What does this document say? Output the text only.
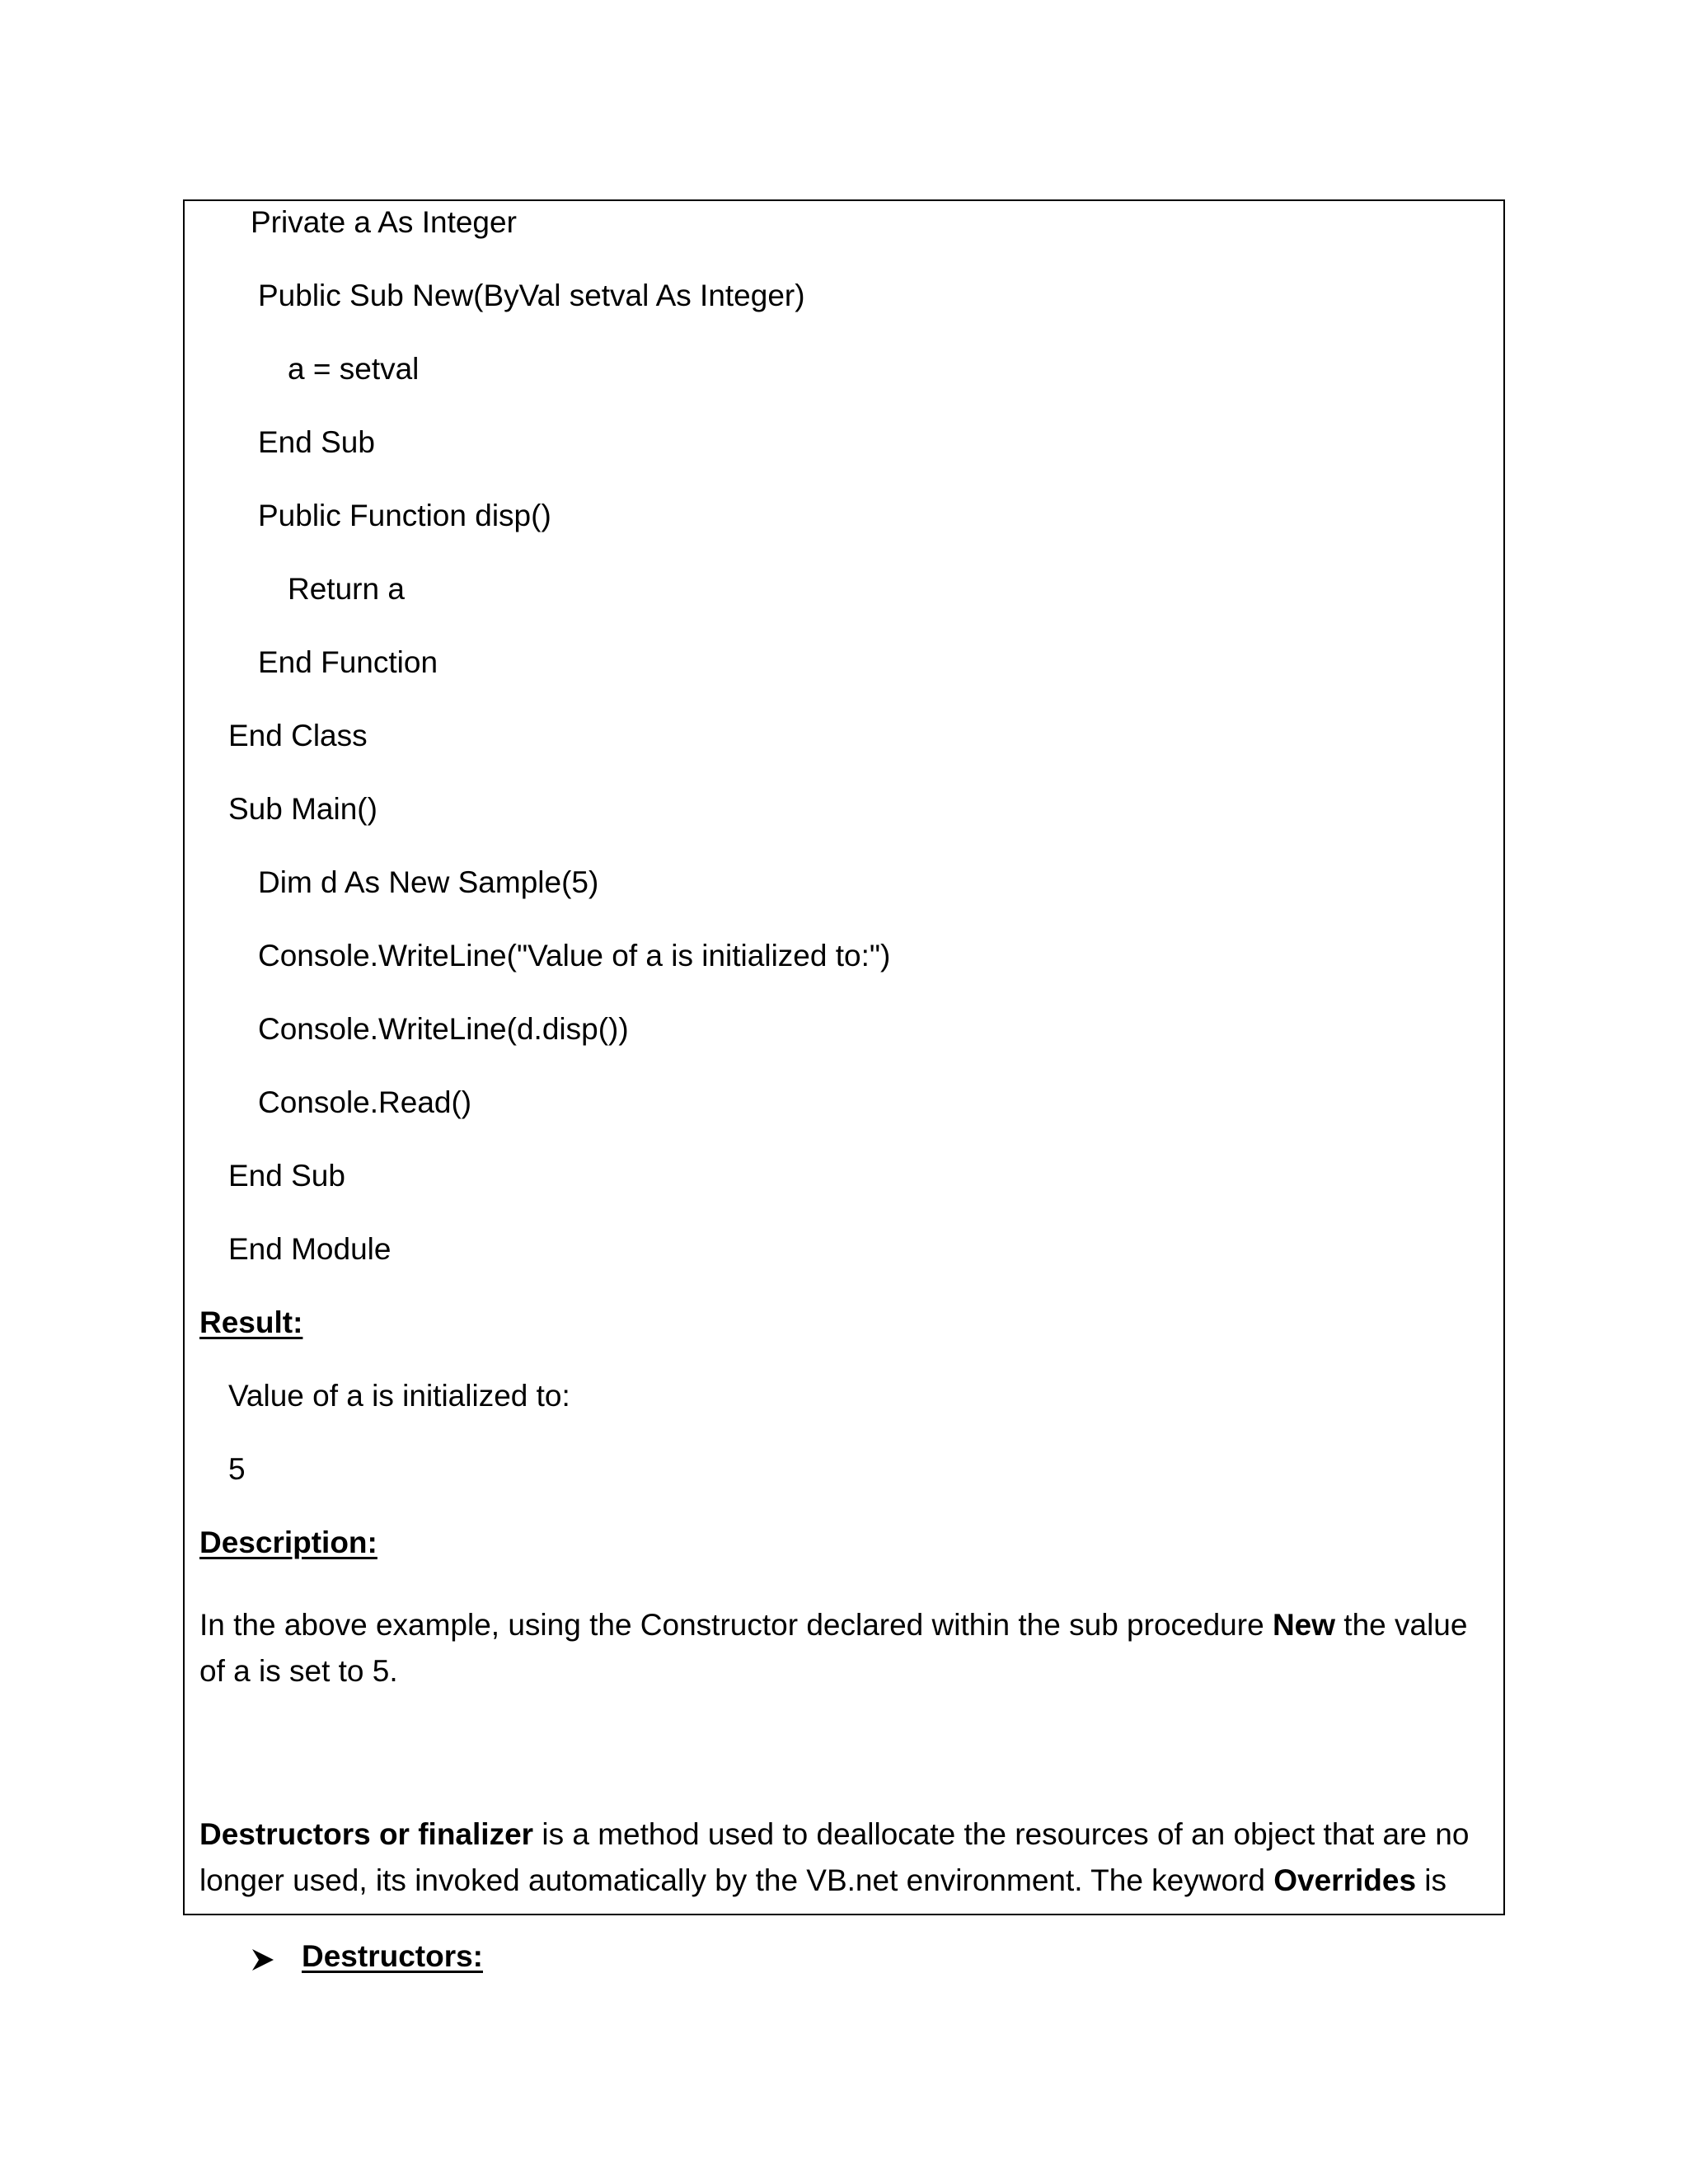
Private a As Integer
Public Sub New(ByVal setval As Integer)
a = setval
End Sub
Public Function disp()
Return a
End Function
End Class
Sub Main()
Dim d As New Sample(5)
Console.WriteLine("Value of a is initialized to:")
Console.WriteLine(d.disp())
Console.Read()
End Sub
End Module
Result:
Value of a is initialized to:
5
Description:
In the above example, using the Constructor declared within the sub procedure New the value of a is set to 5.
Destructors:
Destructors or finalizer is a method used to deallocate the resources of an object that are no longer used, its invoked automatically by the VB.net environment. The keyword Overrides is
